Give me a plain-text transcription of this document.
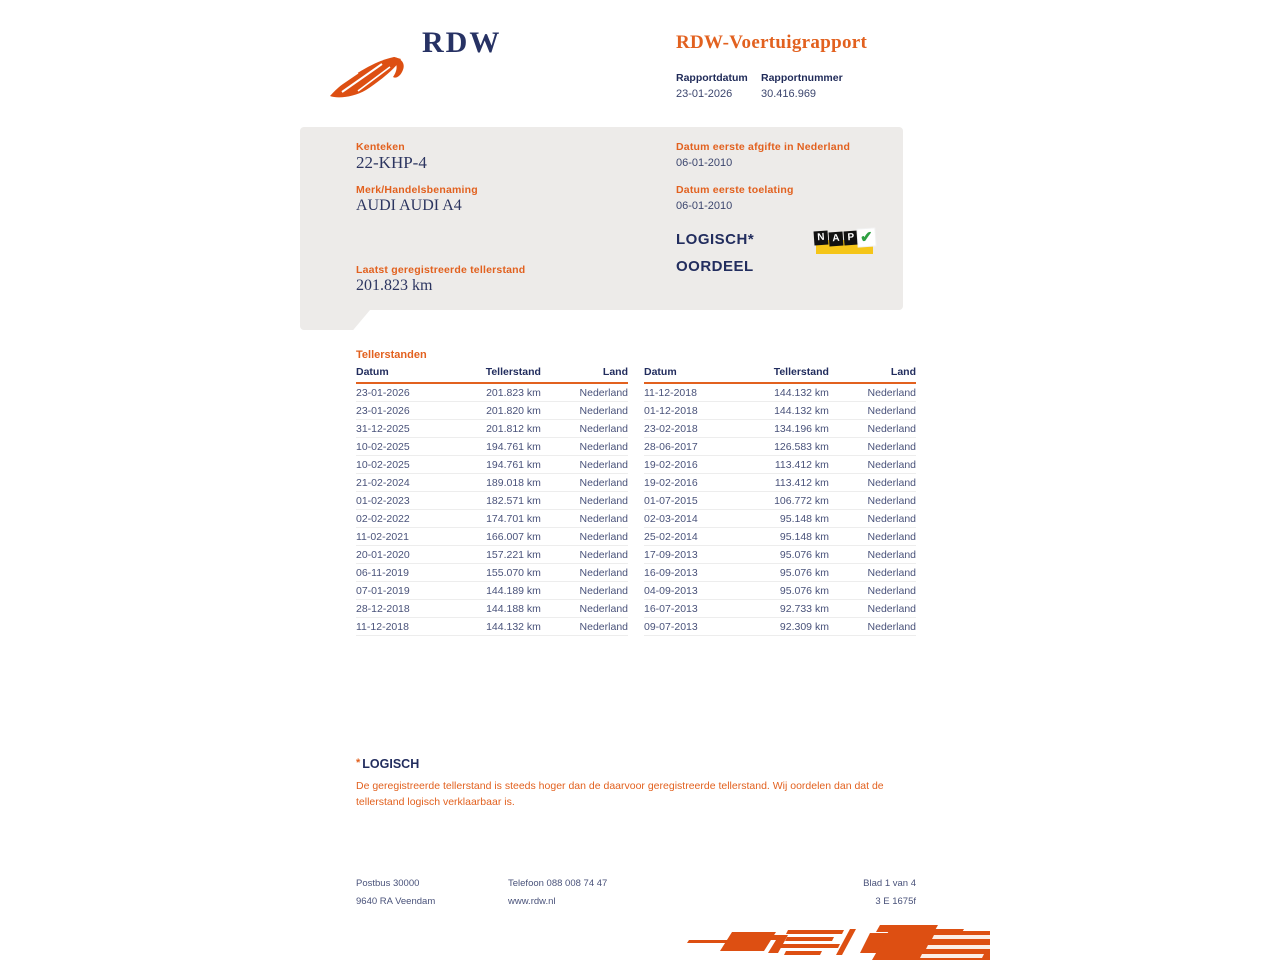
RDW	RDW-Voertuigrapport
Rapportdatum Rapportnummer
23-01-2026	30.416.969
Kenteken
22-KHP-4
Merk/Handelsbenaming
AUDI AUDI A4
Laatst geregistreerde tellerstand
201.823 km
Datum eerste afgifte in Nederland
06-01-2010
Datum eerste toelating
06-01-2010
LOGISCH*
OORDEEL
N A P ✔
Tellerstanden
Datum	Tellerstand	Land
23-01-2026	201.823 km	Nederland
23-01-2026	201.820 km	Nederland
31-12-2025	201.812 km	Nederland
10-02-2025	194.761 km	Nederland
10-02-2025	194.761 km	Nederland
21-02-2024	189.018 km	Nederland
01-02-2023	182.571 km	Nederland
02-02-2022	174.701 km	Nederland
11-02-2021	166.007 km	Nederland
20-01-2020	157.221 km	Nederland
06-11-2019	155.070 km	Nederland
07-01-2019	144.189 km	Nederland
28-12-2018	144.188 km	Nederland
11-12-2018	144.132 km	Nederland
Datum	Tellerstand	Land
11-12-2018	144.132 km	Nederland
01-12-2018	144.132 km	Nederland
23-02-2018	134.196 km	Nederland
28-06-2017	126.583 km	Nederland
19-02-2016	113.412 km	Nederland
19-02-2016	113.412 km	Nederland
01-07-2015	106.772 km	Nederland
02-03-2014	95.148 km	Nederland
25-02-2014	95.148 km	Nederland
17-09-2013	95.076 km	Nederland
16-09-2013	95.076 km	Nederland
04-09-2013	95.076 km	Nederland
16-07-2013	92.733 km	Nederland
09-07-2013	92.309 km	Nederland
* LOGISCH
De geregistreerde tellerstand is steeds hoger dan de daarvoor geregistreerde tellerstand. Wij oordelen dan dat de tellerstand logisch verklaarbaar is.
Postbus 30000
9640 RA Veendam
Telefoon 088 008 74 47
www.rdw.nl
Blad 1 van 4
3 E 1675f
